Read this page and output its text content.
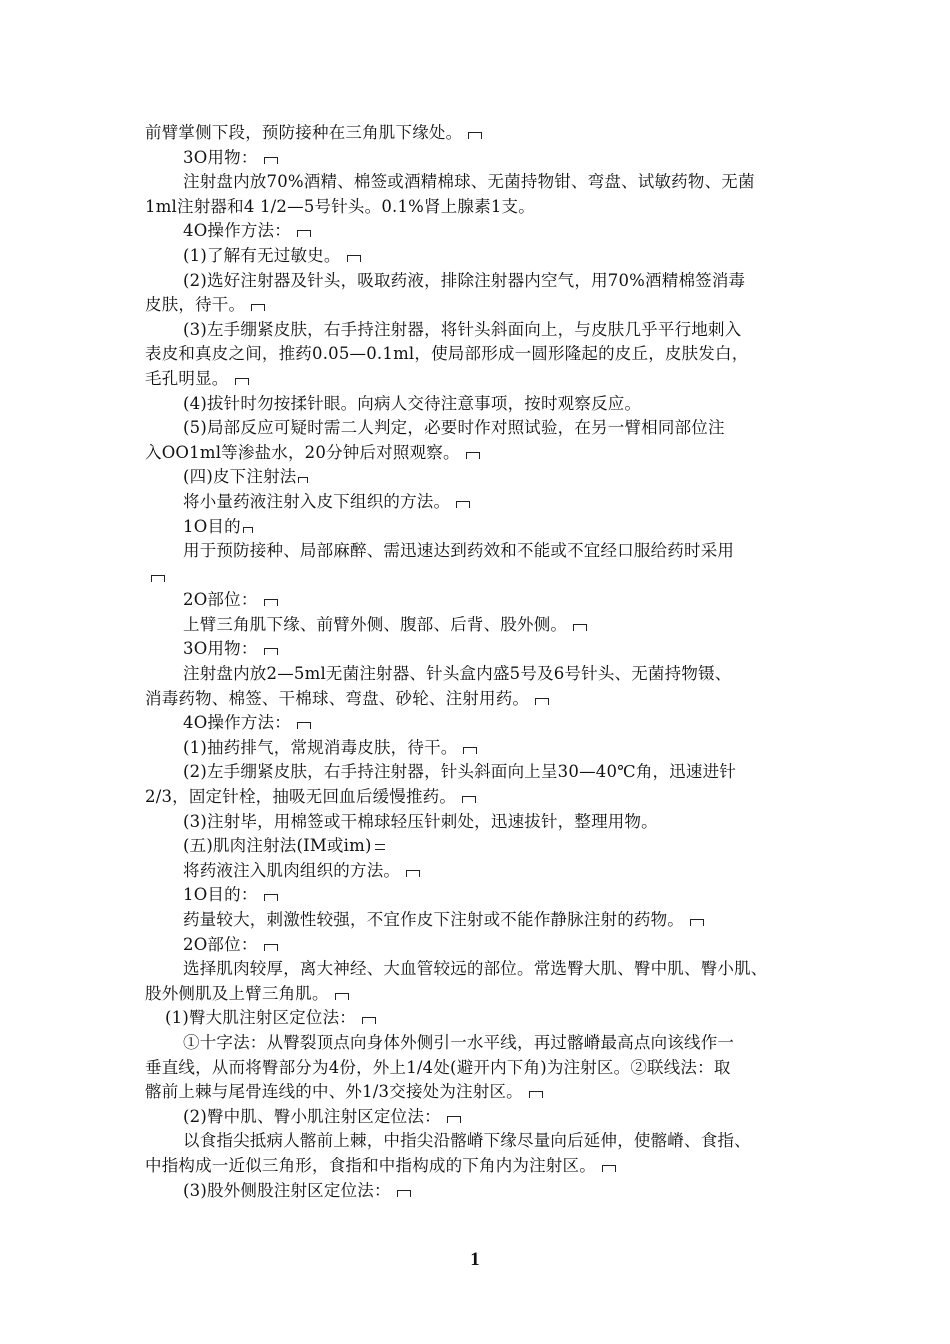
前臂掌侧下段，预防接种在三角肌下缘处。
3O用物：
注射盘内放70%酒精、棉签或酒精棉球、无菌持物钳、弯盘、试敏药物、无菌
1ml注射器和4 1/2—5号针头。0.1%肾上腺素1支。
4O操作方法：
(1)了解有无过敏史。
(2)选好注射器及针头，吸取药液，排除注射器内空气，用70%酒精棉签消毒
皮肤，待干。
(3)左手绷紧皮肤，右手持注射器，将针头斜面向上，与皮肤几乎平行地刺入
表皮和真皮之间，推药0.05—0.1ml，使局部形成一圆形隆起的皮丘，皮肤发白，
毛孔明显。
(4)拔针时勿按揉针眼。向病人交待注意事项，按时观察反应。
(5)局部反应可疑时需二人判定，必要时作对照试验，在另一臂相同部位注
入OO1ml等渗盐水，20分钟后对照观察。
(四)皮下注射法
将小量药液注射入皮下组织的方法。
1O目的
用于预防接种、局部麻醉、需迅速达到药效和不能或不宜经口服给药时采用
2O部位：
上臂三角肌下缘、前臂外侧、腹部、后背、股外侧。
3O用物：
注射盘内放2—5ml无菌注射器、针头盒内盛5号及6号针头、无菌持物镊、
消毒药物、棉签、干棉球、弯盘、砂轮、注射用药。
4O操作方法：
(1)抽药排气，常规消毒皮肤，待干。
(2)左手绷紧皮肤，右手持注射器，针头斜面向上呈30—40℃角，迅速进针
2/3，固定针栓，抽吸无回血后缓慢推药。
(3)注射毕，用棉签或干棉球轻压针刺处，迅速拔针，整理用物。
(五)肌肉注射法(IM或im)
将药液注入肌肉组织的方法。
1O目的：
药量较大，刺激性较强，不宜作皮下注射或不能作静脉注射的药物。
2O部位：
选择肌肉较厚，离大神经、大血管较远的部位。常选臀大肌、臀中肌、臀小肌、
股外侧肌及上臂三角肌。
(1)臀大肌注射区定位法：
①十字法：从臀裂顶点向身体外侧引一水平线，再过髂嵴最高点向该线作一
垂直线，从而将臀部分为4份，外上1/4处(避开内下角)为注射区。②联线法：取
髂前上棘与尾骨连线的中、外1/3交接处为注射区。
(2)臀中肌、臀小肌注射区定位法：
以食指尖抵病人髂前上棘，中指尖沿髂嵴下缘尽量向后延伸，使髂嵴、食指、
中指构成一近似三角形，食指和中指构成的下角内为注射区。
(3)股外侧股注射区定位法：
1
